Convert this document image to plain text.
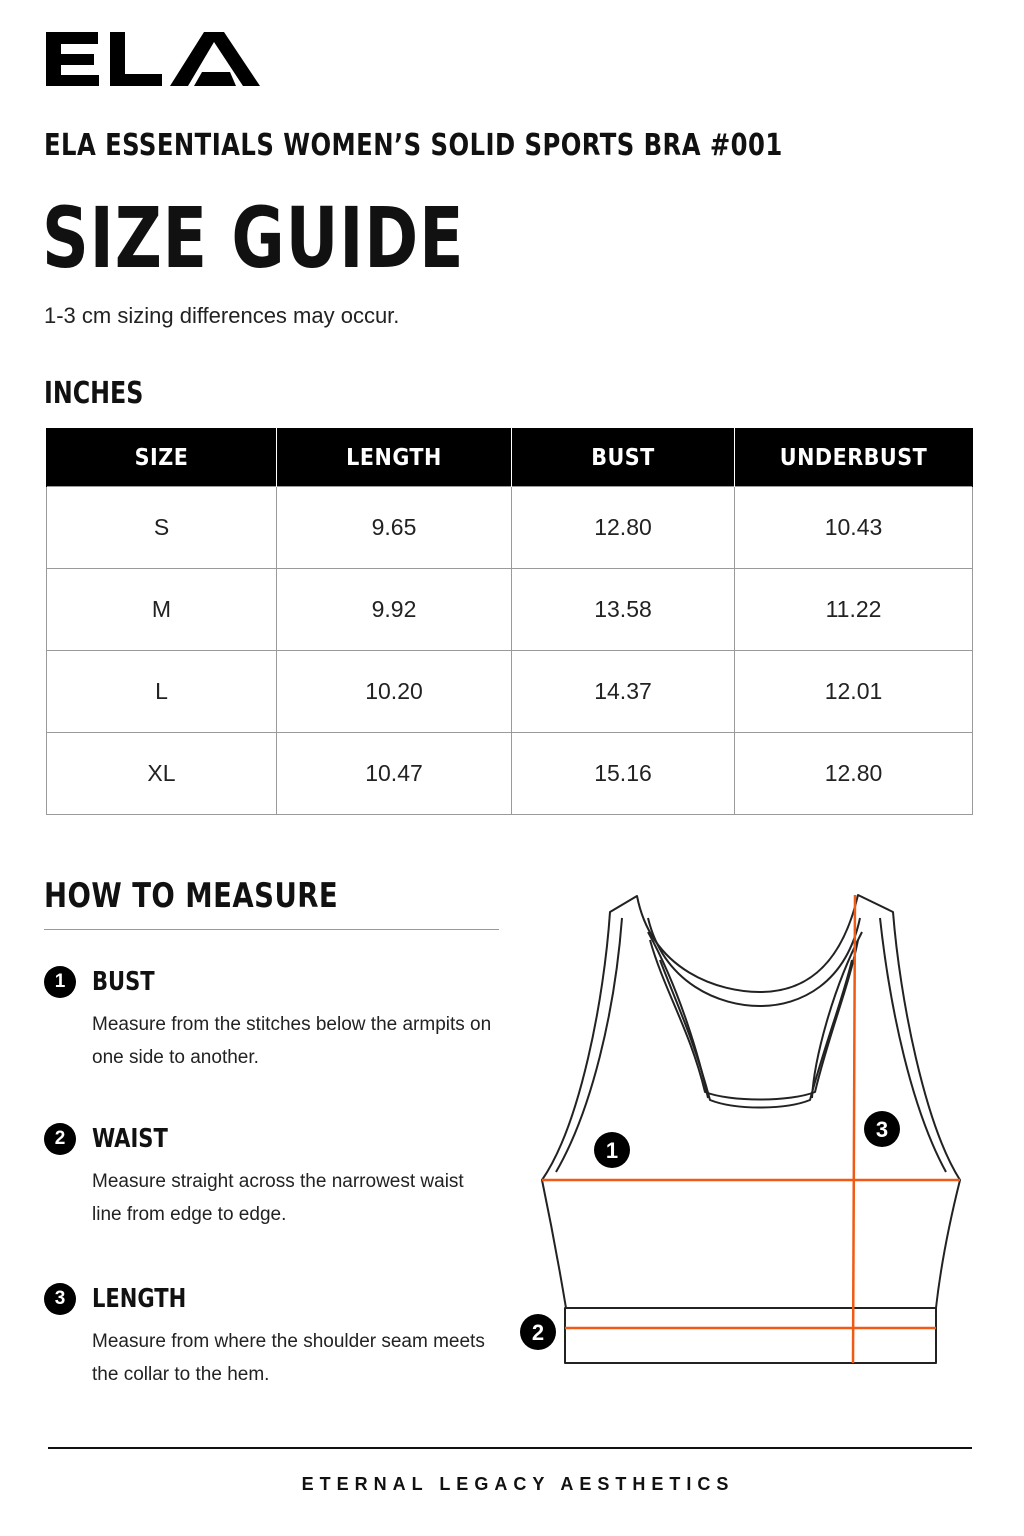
ELA ESSENTIALS WOMEN’S SOLID SPORTS BRA #001
SIZE GUIDE
1-3 cm sizing differences may occur.
INCHES
SIZE	LENGTH	BUST	UNDERBUST
S	9.65	12.80	10.43
M	9.92	13.58	11.22
L	10.20	14.37	12.01
XL	10.47	15.16	12.80
HOW TO MEASURE
1	BUST
Measure from the stitches below the armpits on one side to another.
2	WAIST
Measure straight across the narrowest waist line from edge to edge.
3	LENGTH
Measure from where the shoulder seam meets the collar to the hem.
1
2
3
ETERNAL LEGACY AESTHETICS
